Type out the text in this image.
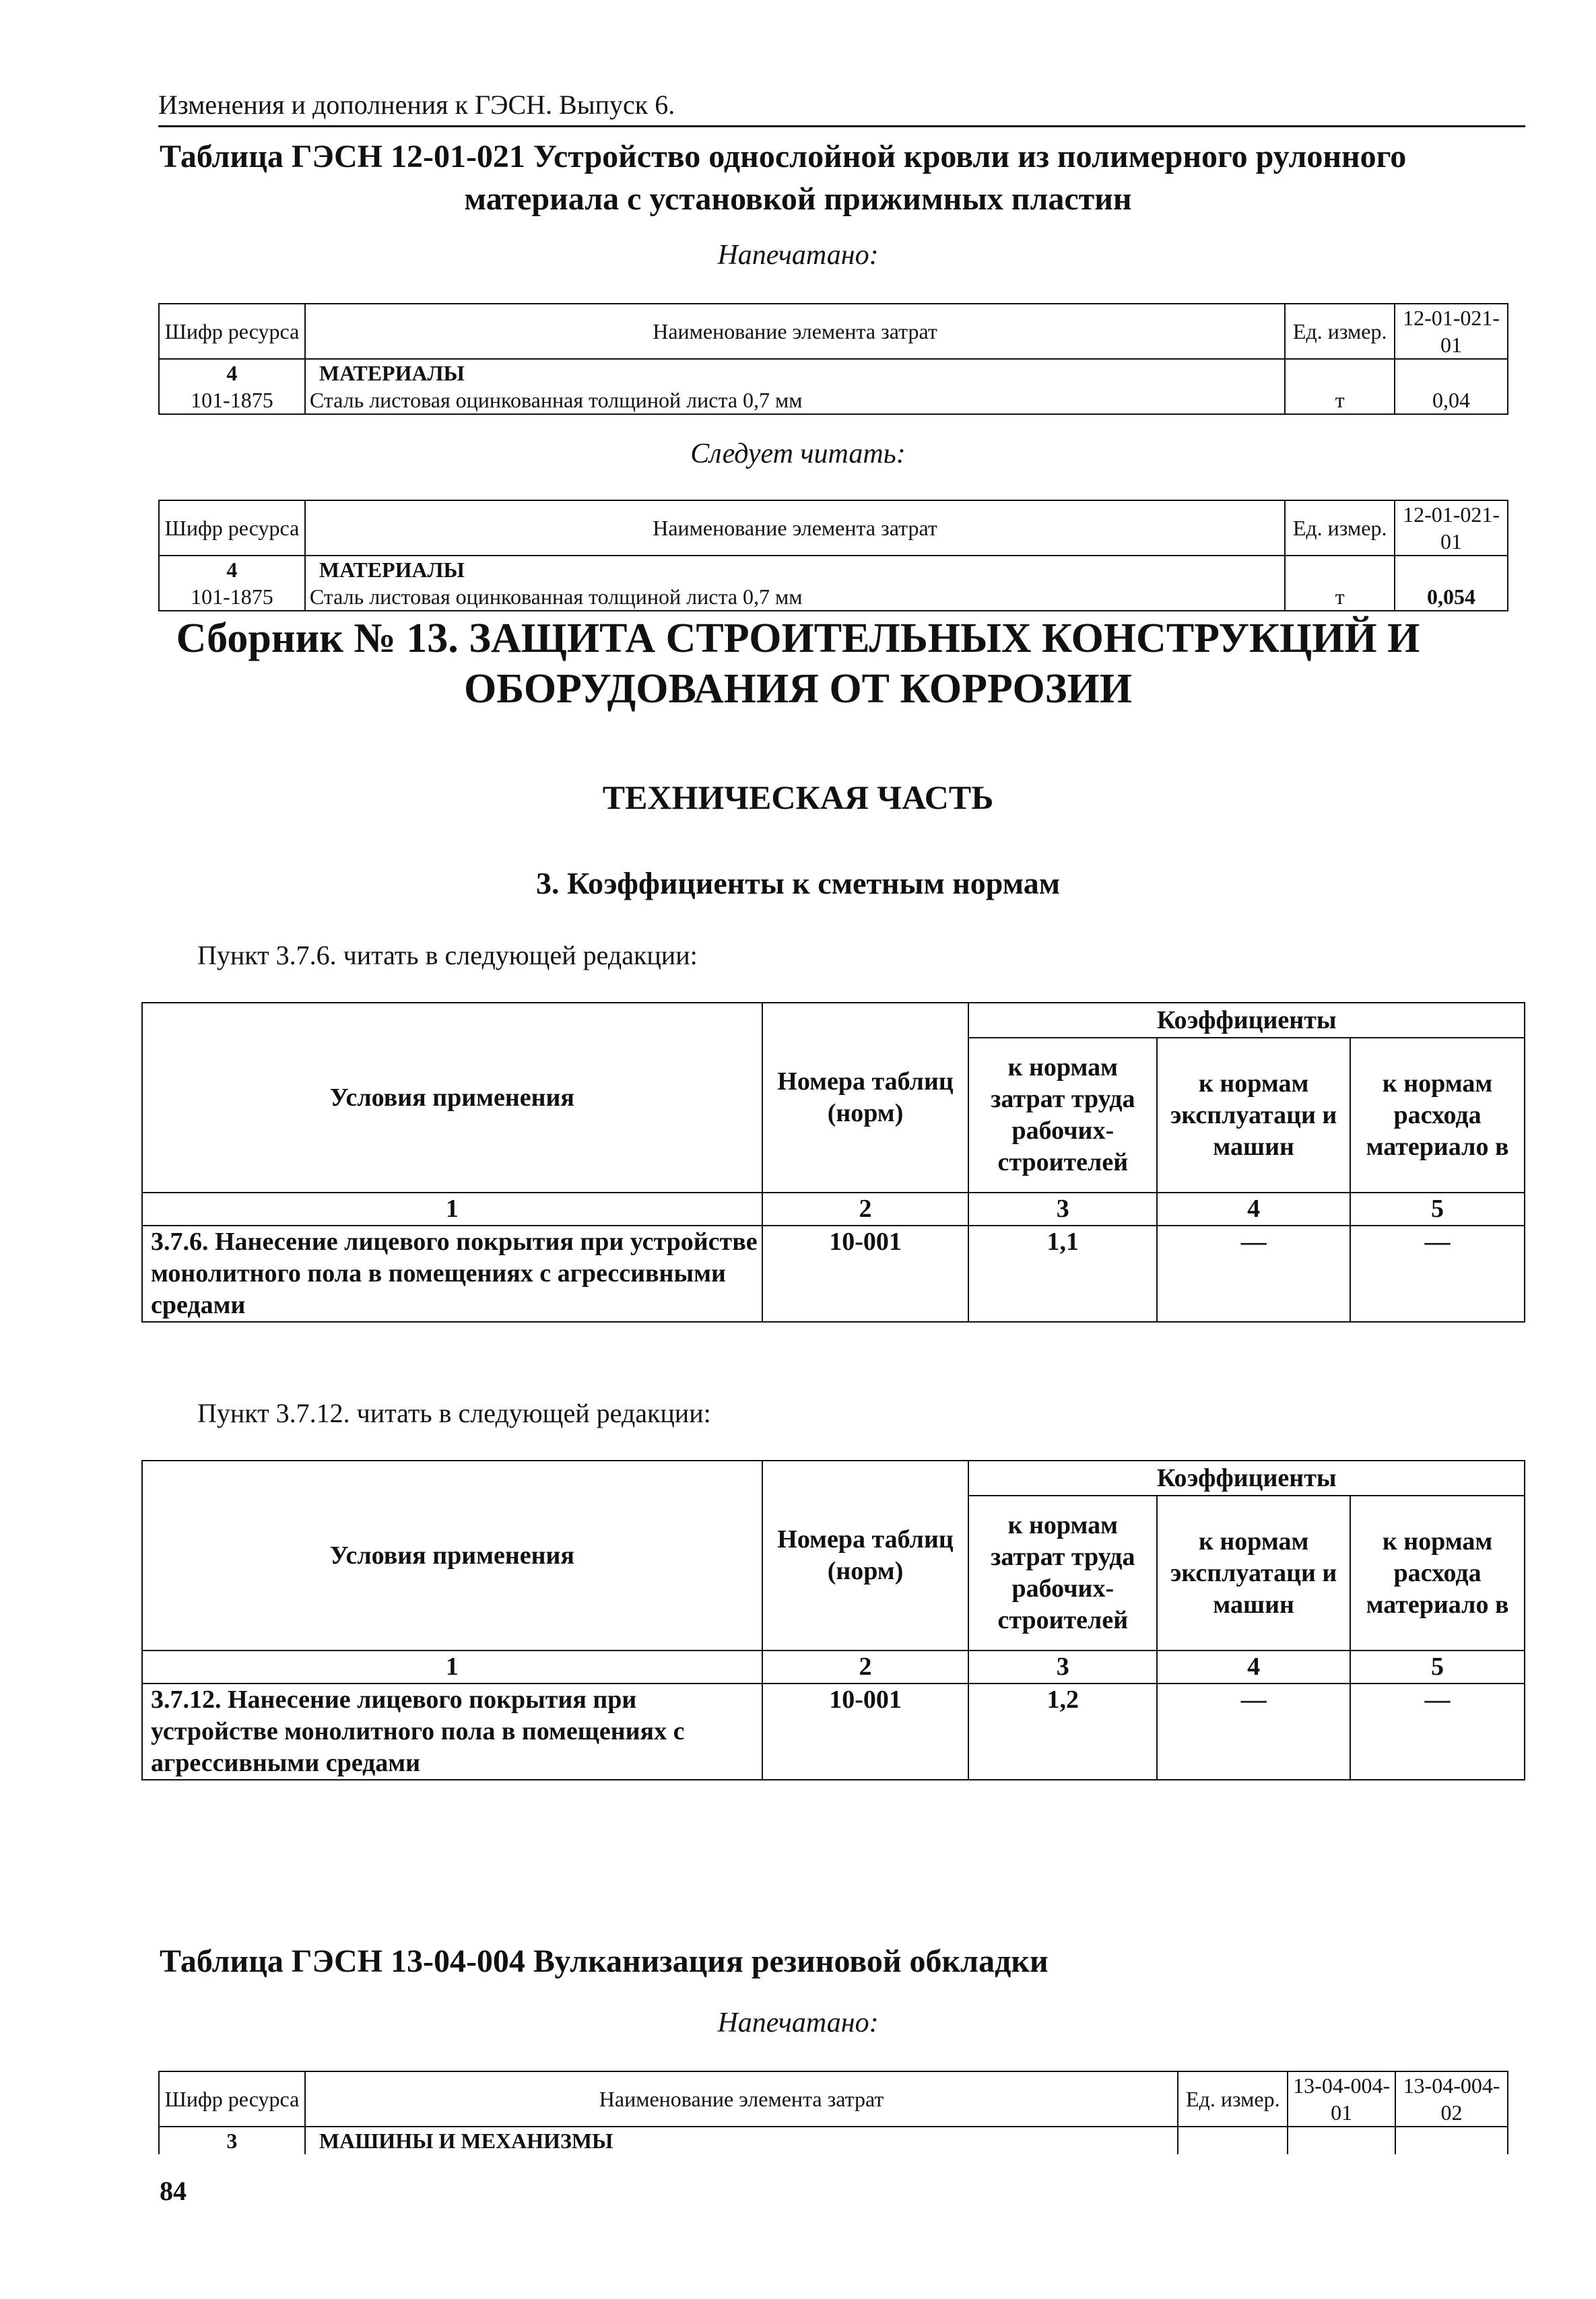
Изменения и дополнения к ГЭСН. Выпуск 6.
Таблица ГЭСН 12-01-021 Устройство однослойной кровли из полимерного рулонного
материала с установкой прижимных пластин
Напечатано:
Шифр ресурса	Наименование элемента затрат	Ед. измер.	12-01-021-01
4	МАТЕРИАЛЫ		
101-1875	Сталь листовая оцинкованная толщиной листа 0,7 мм	т	0,04
Следует читать:
Шифр ресурса	Наименование элемента затрат	Ед. измер.	12-01-021-01
4	МАТЕРИАЛЫ		
101-1875	Сталь листовая оцинкованная толщиной листа 0,7 мм	т	0,054
Сборник № 13. ЗАЩИТА СТРОИТЕЛЬНЫХ КОНСТРУКЦИЙ И
ОБОРУДОВАНИЯ ОТ КОРРОЗИИ
ТЕХНИЧЕСКАЯ ЧАСТЬ
3. Коэффициенты к сметным нормам
Пункт 3.7.6. читать в следующей редакции:
Условия применения	Номера таблиц (норм)	Коэффициенты		
		к нормам затрат труда рабочих-строителей	к нормам эксплуатаци и машин	к нормам расхода материало в
1	2	3	4	5
3.7.6. Нанесение лицевого покрытия при устройстве монолитного пола в помещениях с агрессивными средами	10-001	1,1	—	—
Пункт 3.7.12. читать в следующей редакции:
Условия применения	Номера таблиц (норм)	Коэффициенты		
		к нормам затрат труда рабочих-строителей	к нормам эксплуатаци и машин	к нормам расхода материало в
1	2	3	4	5
3.7.12. Нанесение лицевого покрытия при устройстве монолитного пола в помещениях с агрессивными средами	10-001	1,2	—	—
Таблица ГЭСН 13-04-004 Вулканизация резиновой обкладки
Напечатано:
Шифр ресурса	Наименование элемента затрат	Ед. измер.	13-04-004-01	13-04-004-02
3	МАШИНЫ И МЕХАНИЗМЫ			
84
